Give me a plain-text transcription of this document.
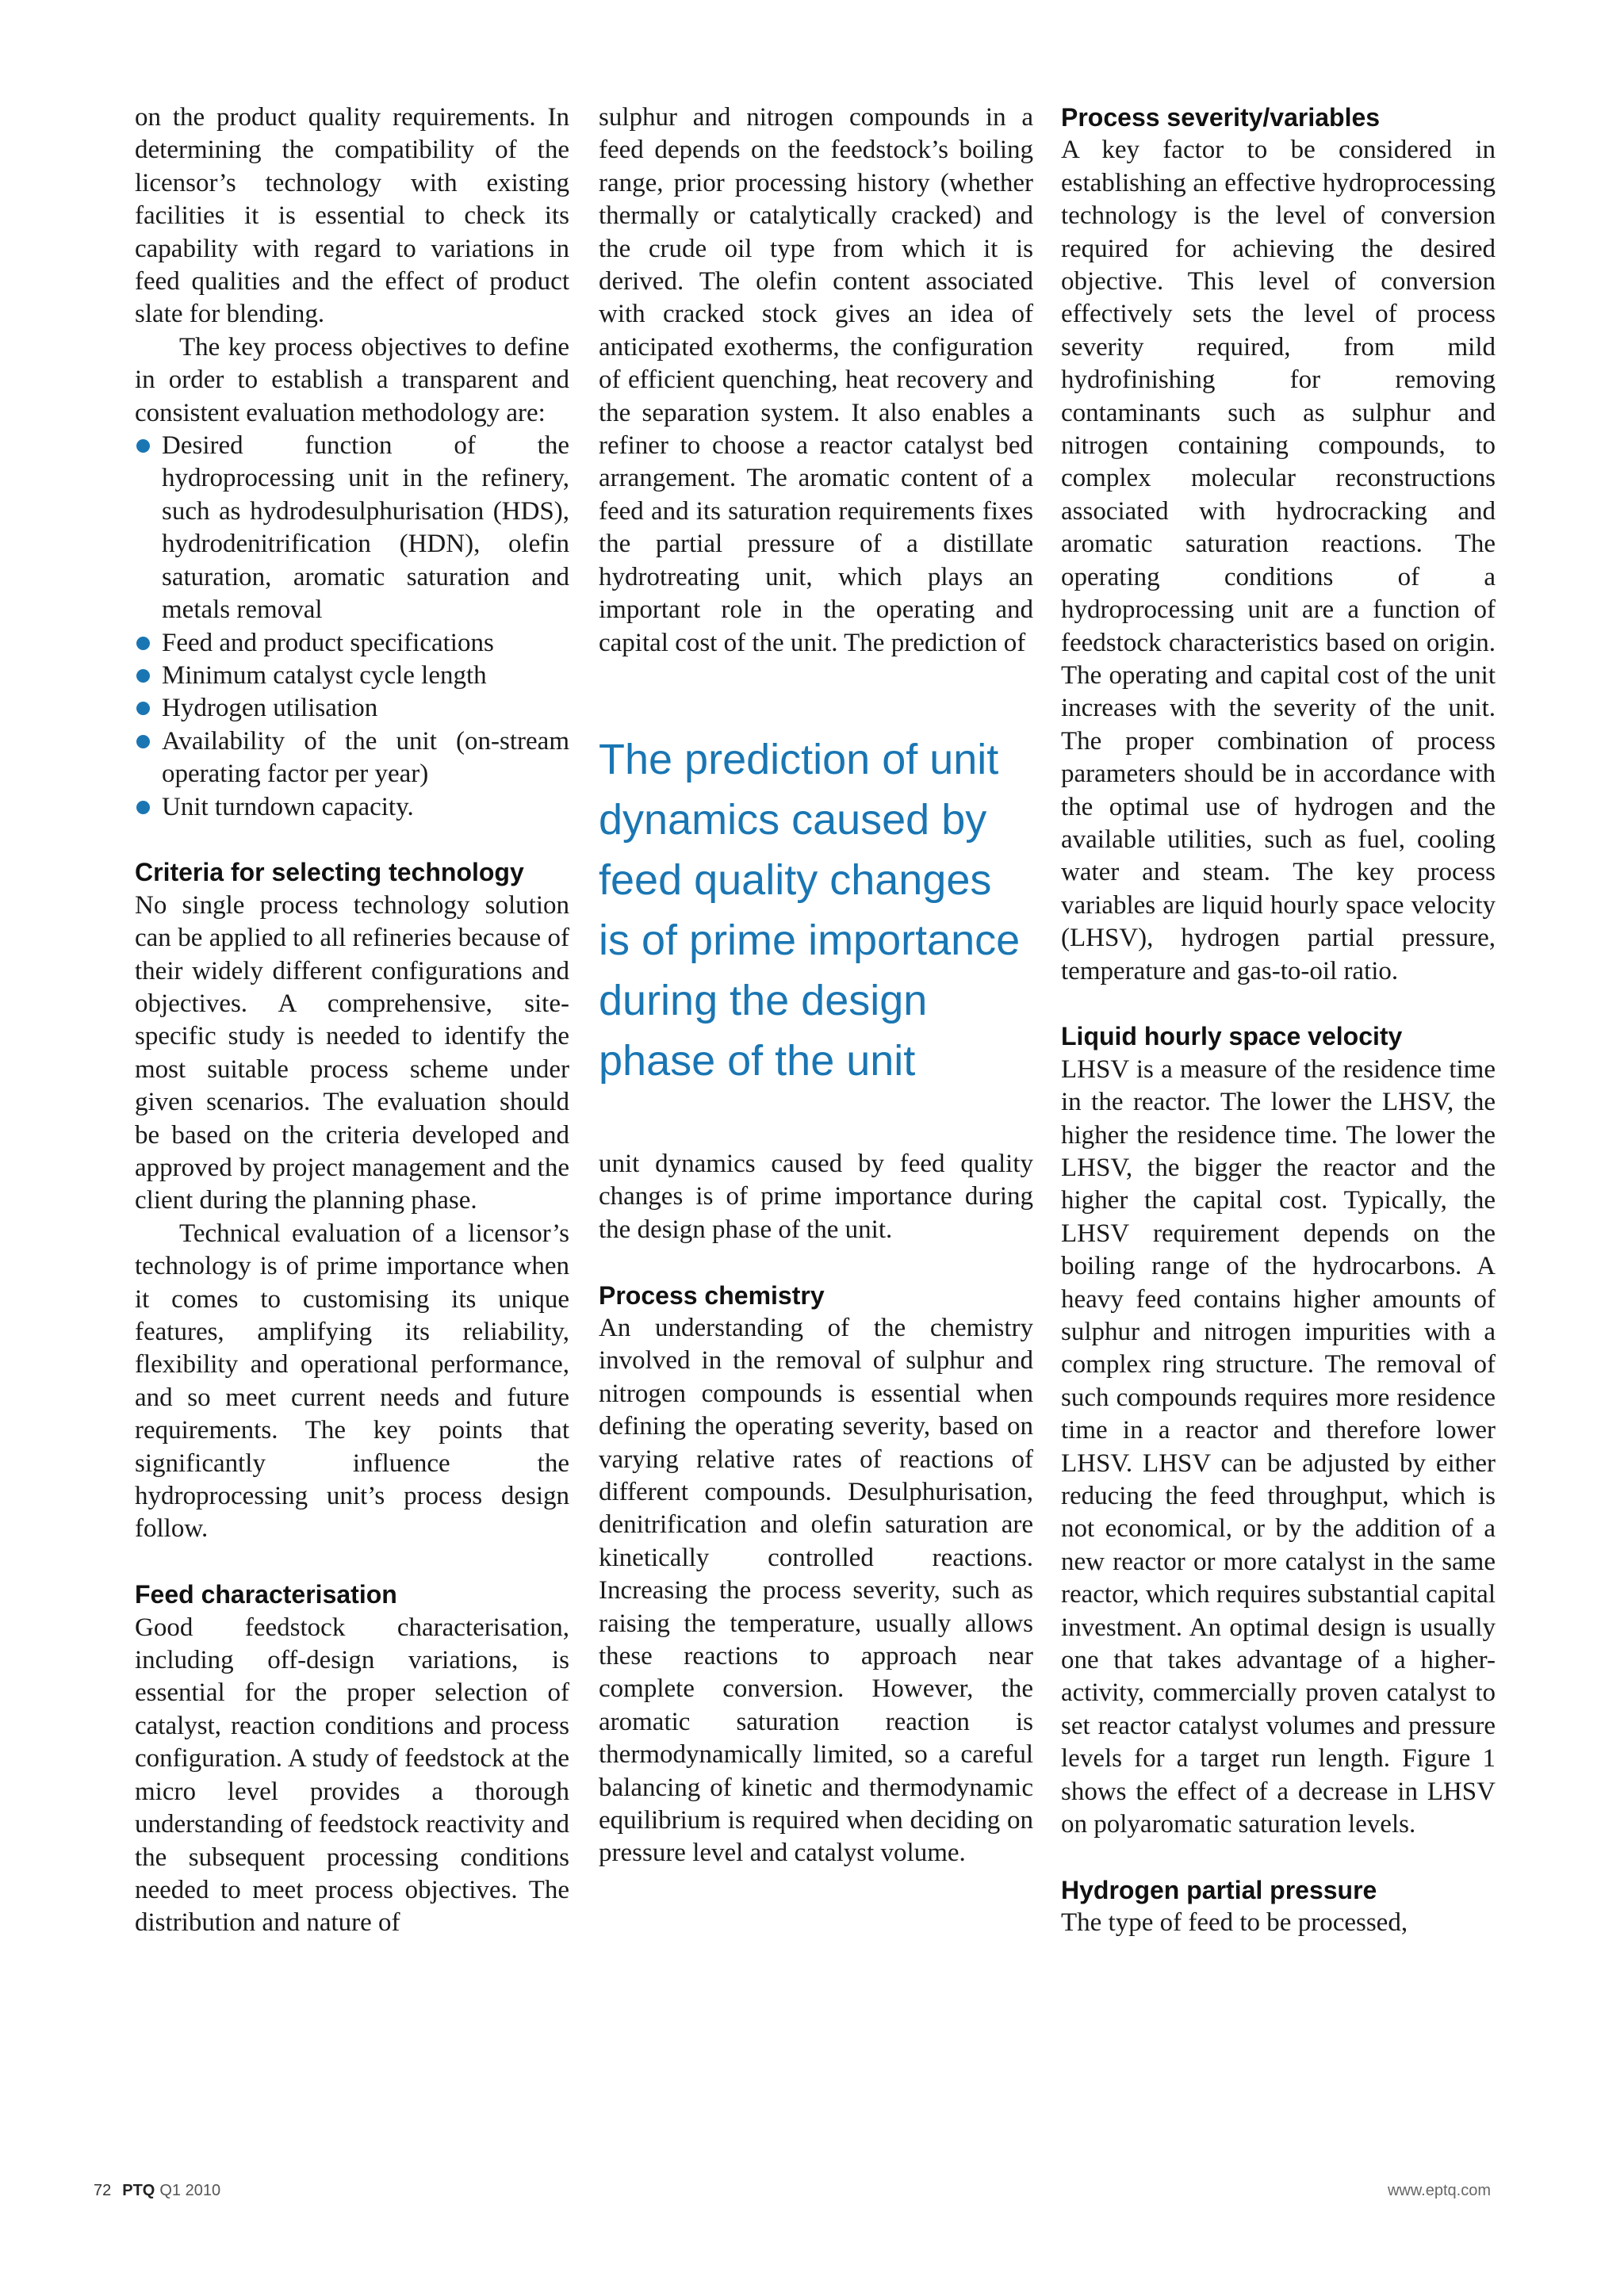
on the product quality requirements. In determining the compatibility of the licensor’s technology with existing facilities it is essential to check its capability with regard to variations in feed qualities and the effect of product slate for blending.

The key process objectives to define in order to establish a transparent and consistent evaluation methodology are:

Desired function of the hydroprocessing unit in the refinery, such as hydrodesulphurisation (HDS), hydrodenitrification (HDN), olefin saturation, aromatic saturation and metals removal
Feed and product specifications
Minimum catalyst cycle length
Hydrogen utilisation
Availability of the unit (on-stream operating factor per year)
Unit turndown capacity.
Criteria for selecting technology

No single process technology solution can be applied to all refineries because of their widely different configurations and objectives. A comprehensive, site-specific study is needed to identify the most suitable process scheme under given scenarios. The evaluation should be based on the criteria developed and approved by project management and the client during the planning phase.

Technical evaluation of a licensor’s technology is of prime importance when it comes to customising its unique features, amplifying its reliability, flexibility and operational performance, and so meet current needs and future requirements. The key points that significantly influence the hydroprocessing unit’s process design follow.

Feed characterisation

Good feedstock characterisation, including off-design variations, is essential for the proper selection of catalyst, reaction conditions and process configuration. A study of feedstock at the micro level provides a thorough understanding of feedstock reactivity and the subsequent processing conditions needed to meet process objectives. The distribution and nature of

sulphur and nitrogen compounds in a feed depends on the feedstock’s boiling range, prior processing history (whether thermally or catalytically cracked) and the crude oil type from which it is derived. The olefin content associated with cracked stock gives an idea of anticipated exotherms, the configuration of efficient quenching, heat recovery and the separation system. It also enables a refiner to choose a reactor catalyst bed arrangement. The aromatic content of a feed and its saturation requirements fixes the partial pressure of a distillate hydrotreating unit, which plays an important role in the operating and capital cost of the unit. The prediction of

The prediction of unit dynamics caused by feed quality changes is of prime importance during the design phase of the unit

unit dynamics caused by feed quality changes is of prime importance during the design phase of the unit.

Process chemistry

An understanding of the chemistry involved in the removal of sulphur and nitrogen compounds is essential when defining the operating severity, based on varying relative rates of reactions of different compounds. Desulphurisation, denitrification and olefin saturation are kinetically controlled reactions. Increasing the process severity, such as raising the temperature, usually allows these reactions to approach near complete conversion. However, the aromatic saturation reaction is thermodynamically limited, so a careful balancing of kinetic and thermodynamic equilibrium is required when deciding on pressure level and catalyst volume.

Process severity/variables

A key factor to be considered in establishing an effective hydroprocessing technology is the level of conversion required for achieving the desired objective. This level of conversion effectively sets the level of process severity required, from mild hydrofinishing for removing contaminants such as sulphur and nitrogen containing compounds, to complex molecular reconstructions associated with hydrocracking and aromatic saturation reactions. The operating conditions of a hydroprocessing unit are a function of feedstock characteristics based on origin. The operating and capital cost of the unit increases with the severity of the unit. The proper combination of process parameters should be in accordance with the optimal use of hydrogen and the available utilities, such as fuel, cooling water and steam. The key process variables are liquid hourly space velocity (LHSV), hydrogen partial pressure, temperature and gas-to-oil ratio.

Liquid hourly space velocity

LHSV is a measure of the residence time in the reactor. The lower the LHSV, the higher the residence time. The lower the LHSV, the bigger the reactor and the higher the capital cost. Typically, the LHSV requirement depends on the boiling range of the hydrocarbons. A heavy feed contains higher amounts of sulphur and nitrogen impurities with a complex ring structure. The removal of such compounds requires more residence time in a reactor and therefore lower LHSV. LHSV can be adjusted by either reducing the feed throughput, which is not economical, or by the addition of a new reactor or more catalyst in the same reactor, which requires substantial capital investment. An optimal design is usually one that takes advantage of a higher-activity, commercially proven catalyst to set reactor catalyst volumes and pressure levels for a target run length. Figure 1 shows the effect of a decrease in LHSV on polyaromatic saturation levels.

Hydrogen partial pressure

The type of feed to be processed,

72 PTQ Q1 2010	www.eptq.com
